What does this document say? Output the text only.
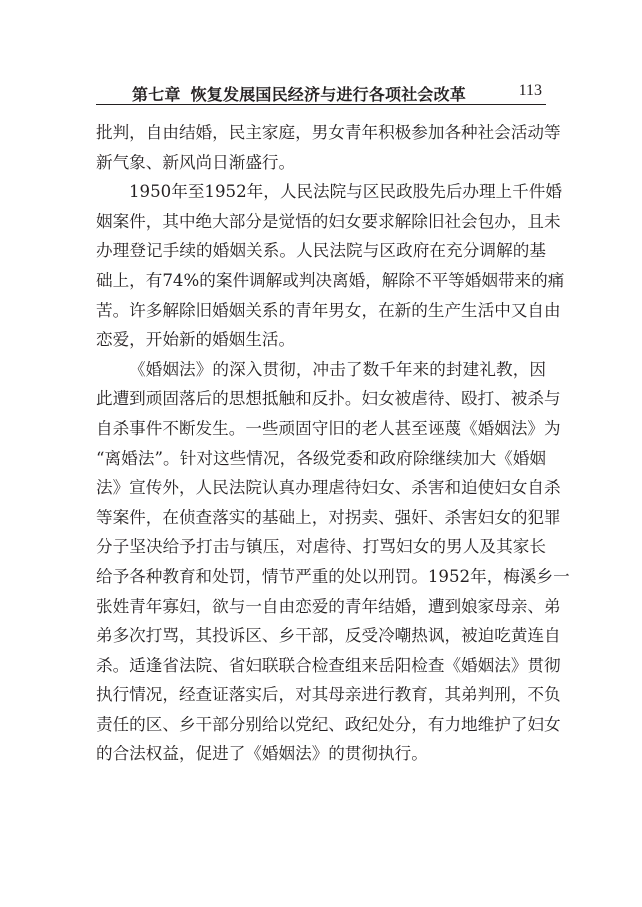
第七章 恢复发展国民经济与进行各项社会改革	113
批判，自由结婚，民主家庭，男女青年积极参加各种社会活动等
新气象、新风尚日渐盛行。
1950年至1952年，人民法院与区民政股先后办理上千件婚
姻案件，其中绝大部分是觉悟的妇女要求解除旧社会包办，且未
办理登记手续的婚姻关系。人民法院与区政府在充分调解的基
础上，有74%的案件调解或判决离婚，解除不平等婚姻带来的痛
苦。许多解除旧婚姻关系的青年男女，在新的生产生活中又自由
恋爱，开始新的婚姻生活。
《婚姻法》的深入贯彻，冲击了数千年来的封建礼教，因
此遭到顽固落后的思想抵触和反扑。妇女被虐待、殴打、被杀与
自杀事件不断发生。一些顽固守旧的老人甚至诬蔑《婚姻法》为
“离婚法”。针对这些情况，各级党委和政府除继续加大《婚姻
法》宣传外，人民法院认真办理虐待妇女、杀害和迫使妇女自杀
等案件，在侦查落实的基础上，对拐卖、强奸、杀害妇女的犯罪
分子坚决给予打击与镇压，对虐待、打骂妇女的男人及其家长
给予各种教育和处罚，情节严重的处以刑罚。1952年，梅溪乡一
张姓青年寡妇，欲与一自由恋爱的青年结婚，遭到娘家母亲、弟
弟多次打骂，其投诉区、乡干部，反受冷嘲热讽，被迫吃黄连自
杀。适逢省法院、省妇联联合检查组来岳阳检查《婚姻法》贯彻
执行情况，经查证落实后，对其母亲进行教育，其弟判刑，不负
责任的区、乡干部分别给以党纪、政纪处分，有力地维护了妇女
的合法权益，促进了《婚姻法》的贯彻执行。
